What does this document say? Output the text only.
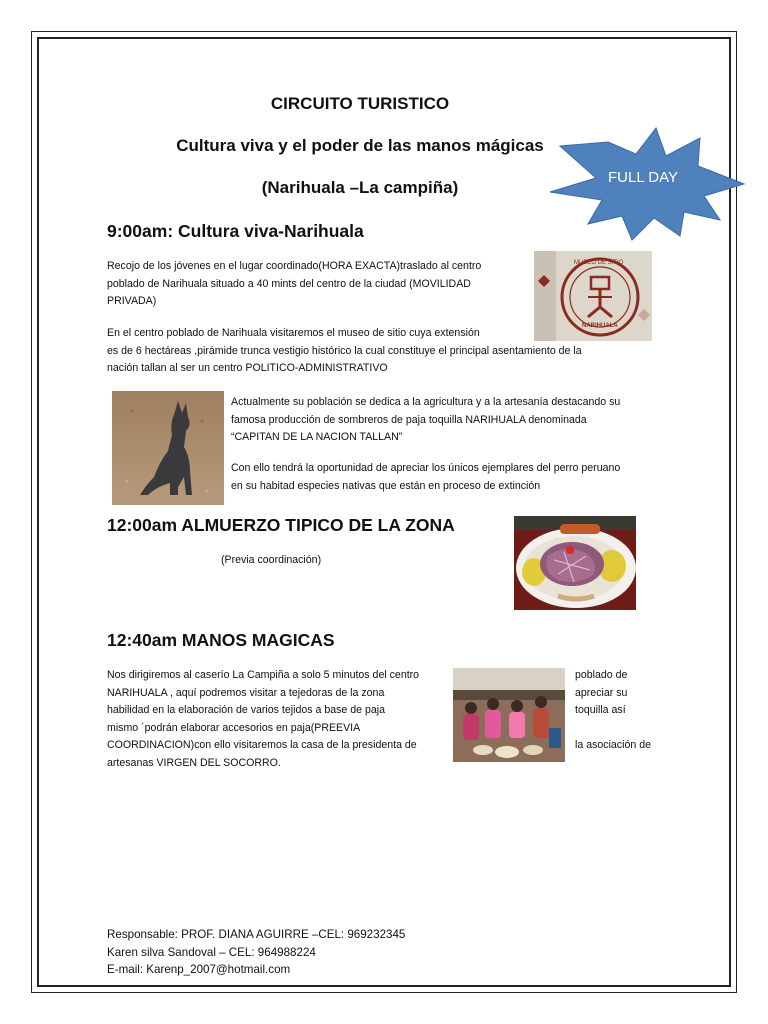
CIRCUITO TURISTICO
Cultura viva y el poder de las manos mágicas
(Narihuala –La campiña)
FULL DAY
9:00am: Cultura viva-Narihuala
Recojo de los jóvenes en el lugar coordinado(HORA EXACTA)traslado al centro
poblado de Narihuala situado a 40 mints del centro de la ciudad (MOVILIDAD
PRIVADA)
En el centro poblado de Narihuala visitaremos el museo de sitio cuya extensión
es de 6 hectáreas ,pirámide trunca vestigio histórico la cual constituye el principal asentamiento de la
nación tallan al ser un centro POLITICO-ADMINISTRATIVO
MUSEO DE SITIO
NARIHUALA
Actualmente su población se dedica a la agricultura y a la artesanía destacando su
famosa producción de sombreros de paja toquilla NARIHUALA denominada
“CAPITAN DE LA NACION TALLAN”
Con ello tendrá la oportunidad de apreciar los únicos ejemplares del perro peruano
en su habitad especies nativas que están en proceso de extinción
12:00am ALMUERZO TIPICO DE LA ZONA
(Previa coordinación)
12:40am MANOS MAGICAS
Nos dirigiremos al caserío La Campiña a solo 5 minutos del centro
NARIHUALA , aquí podremos visitar a tejedoras de la zona
habilidad en la elaboración de varios tejidos a base de paja
mismo ´podrán elaborar accesorios en paja(PREEVIA
COORDINACION)con ello visitaremos la casa de la presidenta de
artesanas VIRGEN DEL SOCORRO.
poblado de
apreciar su
toquilla así

la asociación de
Responsable: PROF. DIANA AGUIRRE –CEL: 969232345
Karen silva Sandoval – CEL: 964988224
E-mail: Karenp_2007@hotmail.com
